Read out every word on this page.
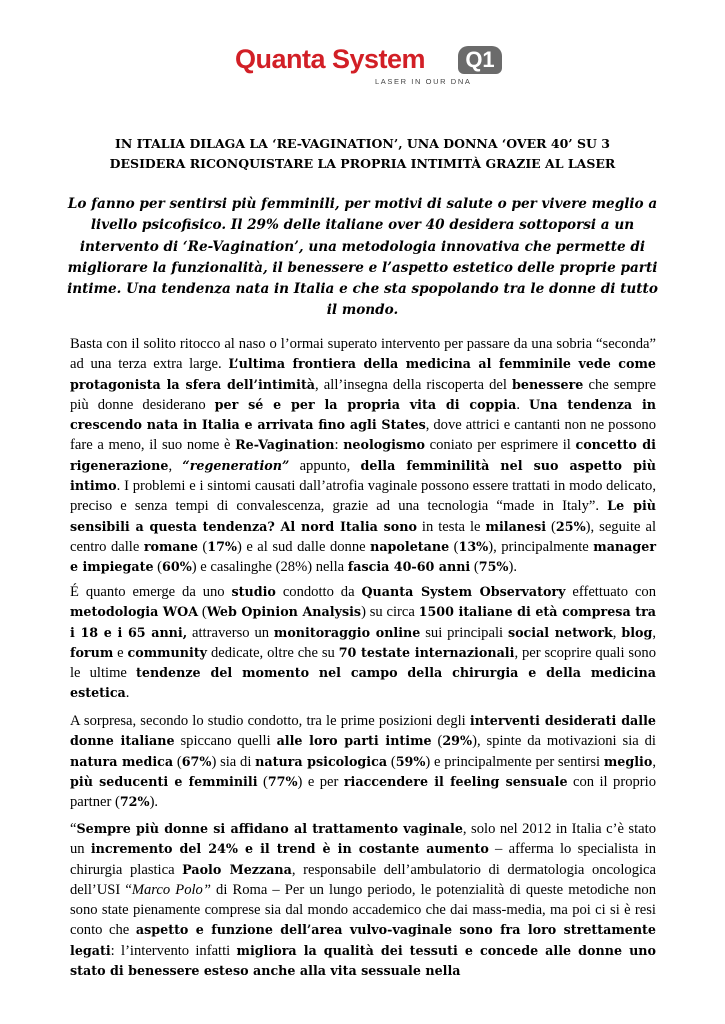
Quanta System	Q1
LASER IN OUR DNA
IN ITALIA DILAGA LA ‘RE-VAGINATION’, UNA DONNA ‘OVER 40’ SU 3
DESIDERA RICONQUISTARE LA PROPRIA INTIMITÀ GRAZIE AL LASER
Lo fanno per sentirsi più femminili, per motivi di salute o per vivere meglio a livello psicofisico. Il 29% delle italiane over 40 desidera sottoporsi a un intervento di ‘Re-Vagination’, una metodologia innovativa che permette di migliorare la funzionalità, il benessere e l’aspetto estetico delle proprie parti intime. Una tendenza nata in Italia e che sta spopolando tra le donne di tutto il mondo.
Basta con il solito ritocco al naso o l’ormai superato intervento per passare da una sobria “seconda” ad una terza extra large. L’ultima frontiera della medicina al femminile vede come protagonista la sfera dell’intimità, all’insegna della riscoperta del benessere che sempre più donne desiderano per sé e per la propria vita di coppia. Una tendenza in crescendo nata in Italia e arrivata fino agli States, dove attrici e cantanti non ne possono fare a meno, il suo nome è Re-Vagination: neologismo coniato per esprimere il concetto di rigenerazione, “regeneration” appunto, della femminilità nel suo aspetto più intimo. I problemi e i sintomi causati dall’atrofia vaginale possono essere trattati in modo delicato, preciso e senza tempi di convalescenza, grazie ad una tecnologia “made in Italy”. Le più sensibili a questa tendenza? Al nord Italia sono in testa le milanesi (25%), seguite al centro dalle romane (17%) e al sud dalle donne napoletane (13%), principalmente manager e impiegate (60%) e casalinghe (28%) nella fascia 40-60 anni (75%).
É quanto emerge da uno studio condotto da Quanta System Observatory effettuato con metodologia WOA (Web Opinion Analysis) su circa 1500 italiane di età compresa tra i 18 e i 65 anni, attraverso un monitoraggio online sui principali social network, blog, forum e community dedicate, oltre che su 70 testate internazionali, per scoprire quali sono le ultime tendenze del momento nel campo della chirurgia e della medicina estetica.
A sorpresa, secondo lo studio condotto, tra le prime posizioni degli interventi desiderati dalle donne italiane spiccano quelli alle loro parti intime (29%), spinte da motivazioni sia di natura medica (67%) sia di natura psicologica (59%) e principalmente per sentirsi meglio, più seducenti e femminili (77%) e per riaccendere il feeling sensuale con il proprio partner (72%).
“Sempre più donne si affidano al trattamento vaginale, solo nel 2012 in Italia c’è stato un incremento del 24% e il trend è in costante aumento – afferma lo specialista in chirurgia plastica Paolo Mezzana, responsabile dell’ambulatorio di dermatologia oncologica dell’USI “Marco Polo” di Roma – Per un lungo periodo, le potenzialità di queste metodiche non sono state pienamente comprese sia dal mondo accademico che dai mass-media, ma poi ci si è resi conto che aspetto e funzione dell’area vulvo-vaginale sono fra loro strettamente legati: l’intervento infatti migliora la qualità dei tessuti e concede alle donne uno stato di benessere esteso anche alla vita sessuale nella
